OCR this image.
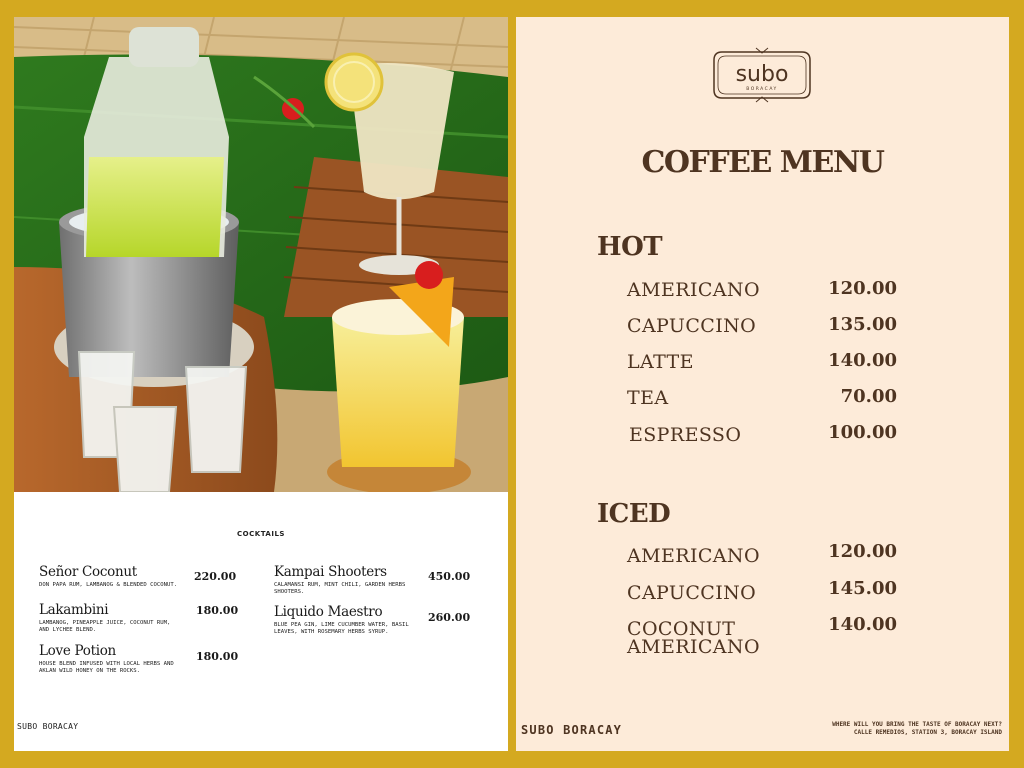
COCKTAILS
Señor Coconut
DON PAPA RUM, LAMBANOG & BLENDED COCONUT.
220.00
Lakambini
LAMBANOG, PINEAPPLE JUICE, COCONUT RUM, AND LYCHEE BLEND.
180.00
Love Potion
HOUSE BLEND INFUSED WITH LOCAL HERBS AND AKLAN WILD HONEY ON THE ROCKS.
180.00
Kampai Shooters
CALAMANSI RUM, MINT CHILI, GARDEN HERBS SHOOTERS.
450.00
Liquido Maestro
BLUE PEA GIN, LIME CUCUMBER WATER, BASIL LEAVES, WITH ROSEMARY HERBS SYRUP.
260.00
SUBO BORACAY
subo
BORACAY
COFFEE MENU
HOT
AMERICANO	120.00
CAPUCCINO	135.00
LATTE	140.00
TEA	70.00
ESPRESSO	100.00
ICED
AMERICANO	120.00
CAPUCCINO	145.00
COCONUT
AMERICANO
140.00
SUBO BORACAY	WHERE WILL YOU BRING THE TASTE OF BORACAY NEXT?
CALLE REMEDIOS, STATION 3, BORACAY ISLAND
